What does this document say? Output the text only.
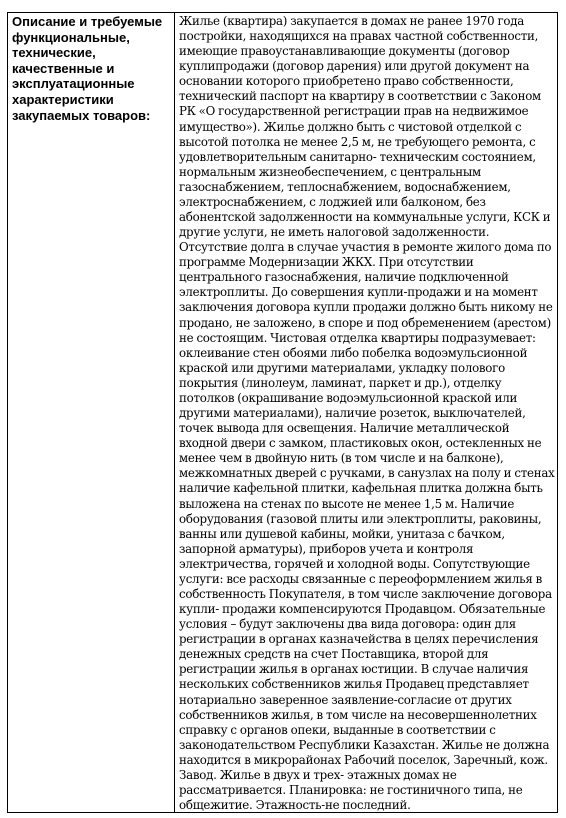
Описание и требуемые функциональные, технические, качественные и эксплуатационные характеристики закупаемых товаров:

Жилье (квартира) закупается в домах не ранее 1970 года постройки, находящихся на правах частной собственности, имеющие правоустанавливающие документы (договор куплипродажи (договор дарения) или другой документ на основании которого приобретено право собственности, технический паспорт на квартиру в соответствии с Законом РК «О государственной регистрации прав на недвижимое имущество»). Жилье должно быть с чистовой отделкой с высотой потолка не менее 2,5 м, не требующего ремонта, с удовлетворительным санитарно- техническим состоянием, нормальным жизнеобеспечением, с центральным газоснабжением, теплоснабжением, водоснабжением, электроснабжением, с лоджией или балконом, без абонентской задолженности на коммунальные услуги, КСК и другие услуги, не иметь налоговой задолженности. Отсутствие долга в случае участия в ремонте жилого дома по программе Модернизации ЖКХ. При отсутствии центрального газоснабжения, наличие подключенной электроплиты. До совершения купли-продажи и на момент заключения договора купли продажи должно быть никому не продано, не заложено, в споре и под обременением (арестом) не состоящим. Чистовая отделка квартиры подразумевает: оклеивание стен обоями либо побелка водоэмульсионной краской или другими материалами, укладку полового покрытия (линолеум, ламинат, паркет и др.), отделку потолков (окрашивание водоэмульсионной краской или другими материалами), наличие розеток, выключателей, точек вывода для освещения. Наличие металлической входной двери с замком, пластиковых окон, остекленных не менее чем в двойную нить (в том числе и на балконе), межкомнатных дверей с ручками, в санузлах на полу и стенах наличие кафельной плитки, кафельная плитка должна быть выложена на стенах по высоте не менее 1,5 м. Наличие оборудования (газовой плиты или электроплиты, раковины, ванны или душевой кабины, мойки, унитаза с бачком, запорной арматуры), приборов учета и контроля электричества, горячей и холодной воды. Сопутствующие услуги: все расходы связанные с переоформлением жилья в собственность Покупателя, в том числе заключение договора купли- продажи компенсируются Продавцом. Обязательные условия – будут заключены два вида договора: один для регистрации в органах казначейства в целях перечисления денежных средств на счет Поставщика, второй для регистрации жилья в органах юстиции. В случае наличия нескольких собственников жилья Продавец представляет нотариально заверенное заявление-согласие от других собственников жилья, в том числе на несовершеннолетних справку с органов опеки, выданные в соответствии с законодательством Республики Казахстан. Жилье не должна находится в микрорайонах Рабочий поселок, Заречный, кож. Завод. Жилье в двух и трех- этажных домах не рассматривается. Планировка: не гостиничного типа, не общежитие. Этажность-не последний.
